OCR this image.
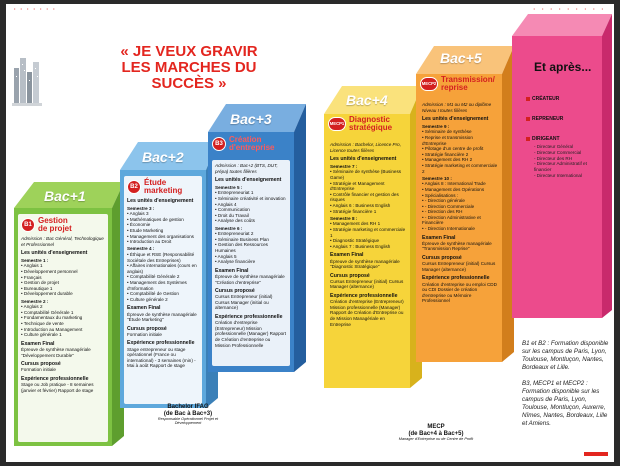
• • • • • • •	• • • • • • • • •
« JE VEUX GRAVIR
LES MARCHES DU SUCCÈS »
Bac+1
B1 Gestion
de projet
Admission : Bac Général, Technologique et Professionnel
Les unités d'enseignement
Semestre 1 :
• Anglais 1
• Développement personnel
• Français
• Gestion de projet
• Bureautique 1
• Développement durable
Semestre 2 :
• Anglais 2
• Comptabilité Générale 1
• Fondamentaux du marketing
• Technique de vente
• Introduction au Management
• Culture générale 1
Examen Final
Épreuve de synthèse managériale "Développement Durable"
Cursus proposé
Formation initiale
Expérience professionnelle
Stage ou Job pratique - 8 semaines (janvier et février) Rapport de stage
Bac+2
B2 Étude
marketing
Les unités d'enseignement
Semestre 3 :
• Anglais 3
• Mathématiques de gestion
• Économie
• Etude Marketing
• Management des organisations
• Introduction au Droit
Semestre 4 :
• Éthique et RSE (Responsabilité Sociétale des Entreprises)
• Affaires internationales (cours en anglais)
• Comptabilité Générale 2
• Management des Systèmes d'Information
• Comptabilité de Gestion
• Culture générale 2
Examen Final
Épreuve de synthèse managériale "Étude Marketing"
Cursus proposé
Formation initiale
Expérience professionnelle
Stage entrepreneur ou stage opérationnel (France ou international) - 3 semaines (min) - Mai à août Rapport de stage
Bac+3
B3 Création
d'entreprise
Admission : Bac+2 (BTS, DUT, prépa) toutes filières
Les unités d'enseignement
Semestre 5 :
• Entrepreneuriat 1
• Séminaire créativité et innovation
• Anglais 4
• Communication
• Droit du Travail
• Analyse des coûts
Semestre 6 :
• Entrepreneuriat 2
• Séminaire Business Plan
• Gestion des Ressources Humaines
• Anglais 5
• Analyse financière
Examen Final
Épreuve de synthèse managériale "Création d'entreprise"
Cursus proposé
Cursus Entrepreneur (initial) Cursus Manager (initial ou alternance)
Expérience professionnelle
Création d'entreprise (Entrepreneur) Mission professionnelle (Manager) Rapport de Création d'entreprise ou Mission Professionnelle
Bac+4
MECP1 Diagnostic
stratégique
Admission : Bachelor, Licence Pro, Licence toutes filières
Les unités d'enseignement
Semestre 7 :
• Séminaire de synthèse (Business Game)
• Stratégie et Management d'Entreprise
• Contrôle financier et gestion des risques
• Anglais 6 : Business English
• Stratégie financière 1
Semestre 8 :
• Management des RH 1
• Stratégie marketing et commerciale 1
• Diagnostic Stratégique
• Anglais 7 : Business English
Examen Final
Épreuve de synthèse managériale "Diagnostic Stratégique"
Cursus proposé
Cursus Entrepreneur (initial) Cursus Manager (alternance)
Expérience professionnelle
Création d'entreprise (Entrepreneur) Mission professionnelle (Manager) Rapport de Création d'Entreprise ou de Mission Managériale en Entreprise
Bac+5
MECP2 Transmission/
reprise
Admission : M1 ou M2 ou diplôme Niveau I toutes filières
Les unités d'enseignement
Semestre 9 :
• Séminaire de synthèse
• Reprise et transmission d'Entreprise
• Pilotage d'un centre de profit
• Stratégie financière 2
• Management des RH 2
• Stratégie marketing et commerciale 2
Semestre 10 :
• Anglais 8 : International Trade
• Management des Opérations
• Spécialisations :
• - Direction générale
• - Direction Commerciale
• - Direction des RH
• - Direction Administrative et Financière
• - Direction Internationale
Examen Final
Épreuve de synthèse managériale "Transmission Reprise"
Cursus proposé
Cursus Entrepreneur (initial) Cursus Manager (alternance)
Expérience professionnelle
Création d'entreprise ou emploi CDD ou CDI Dossier de création d'entreprise ou Mémoire Professionnel
Et après...
CRÉATEUR
REPRENEUR
DIRIGEANT
- Directeur Général
- Directeur Commercial
- Directeur des RH
- Directeur Administratif et financier
- Directeur International
Bachelor IFAG
(de Bac à Bac+3)
Responsable Opérationnel Projet et Développement
MECP
(de Bac+4 à Bac+5)
Manager d'Entreprise ou de Centre de Profit
B1 et B2 : Formation disponible sur les campus de Paris, Lyon, Toulouse, Montluçon, Nantes, Bordeaux et Lille.
B3, MECP1 et MECP2 : Formation disponible sur les campus de Paris, Lyon, Toulouse, Montluçon, Auxerre, Nîmes, Nantes, Bordeaux, Lille et Amiens.
